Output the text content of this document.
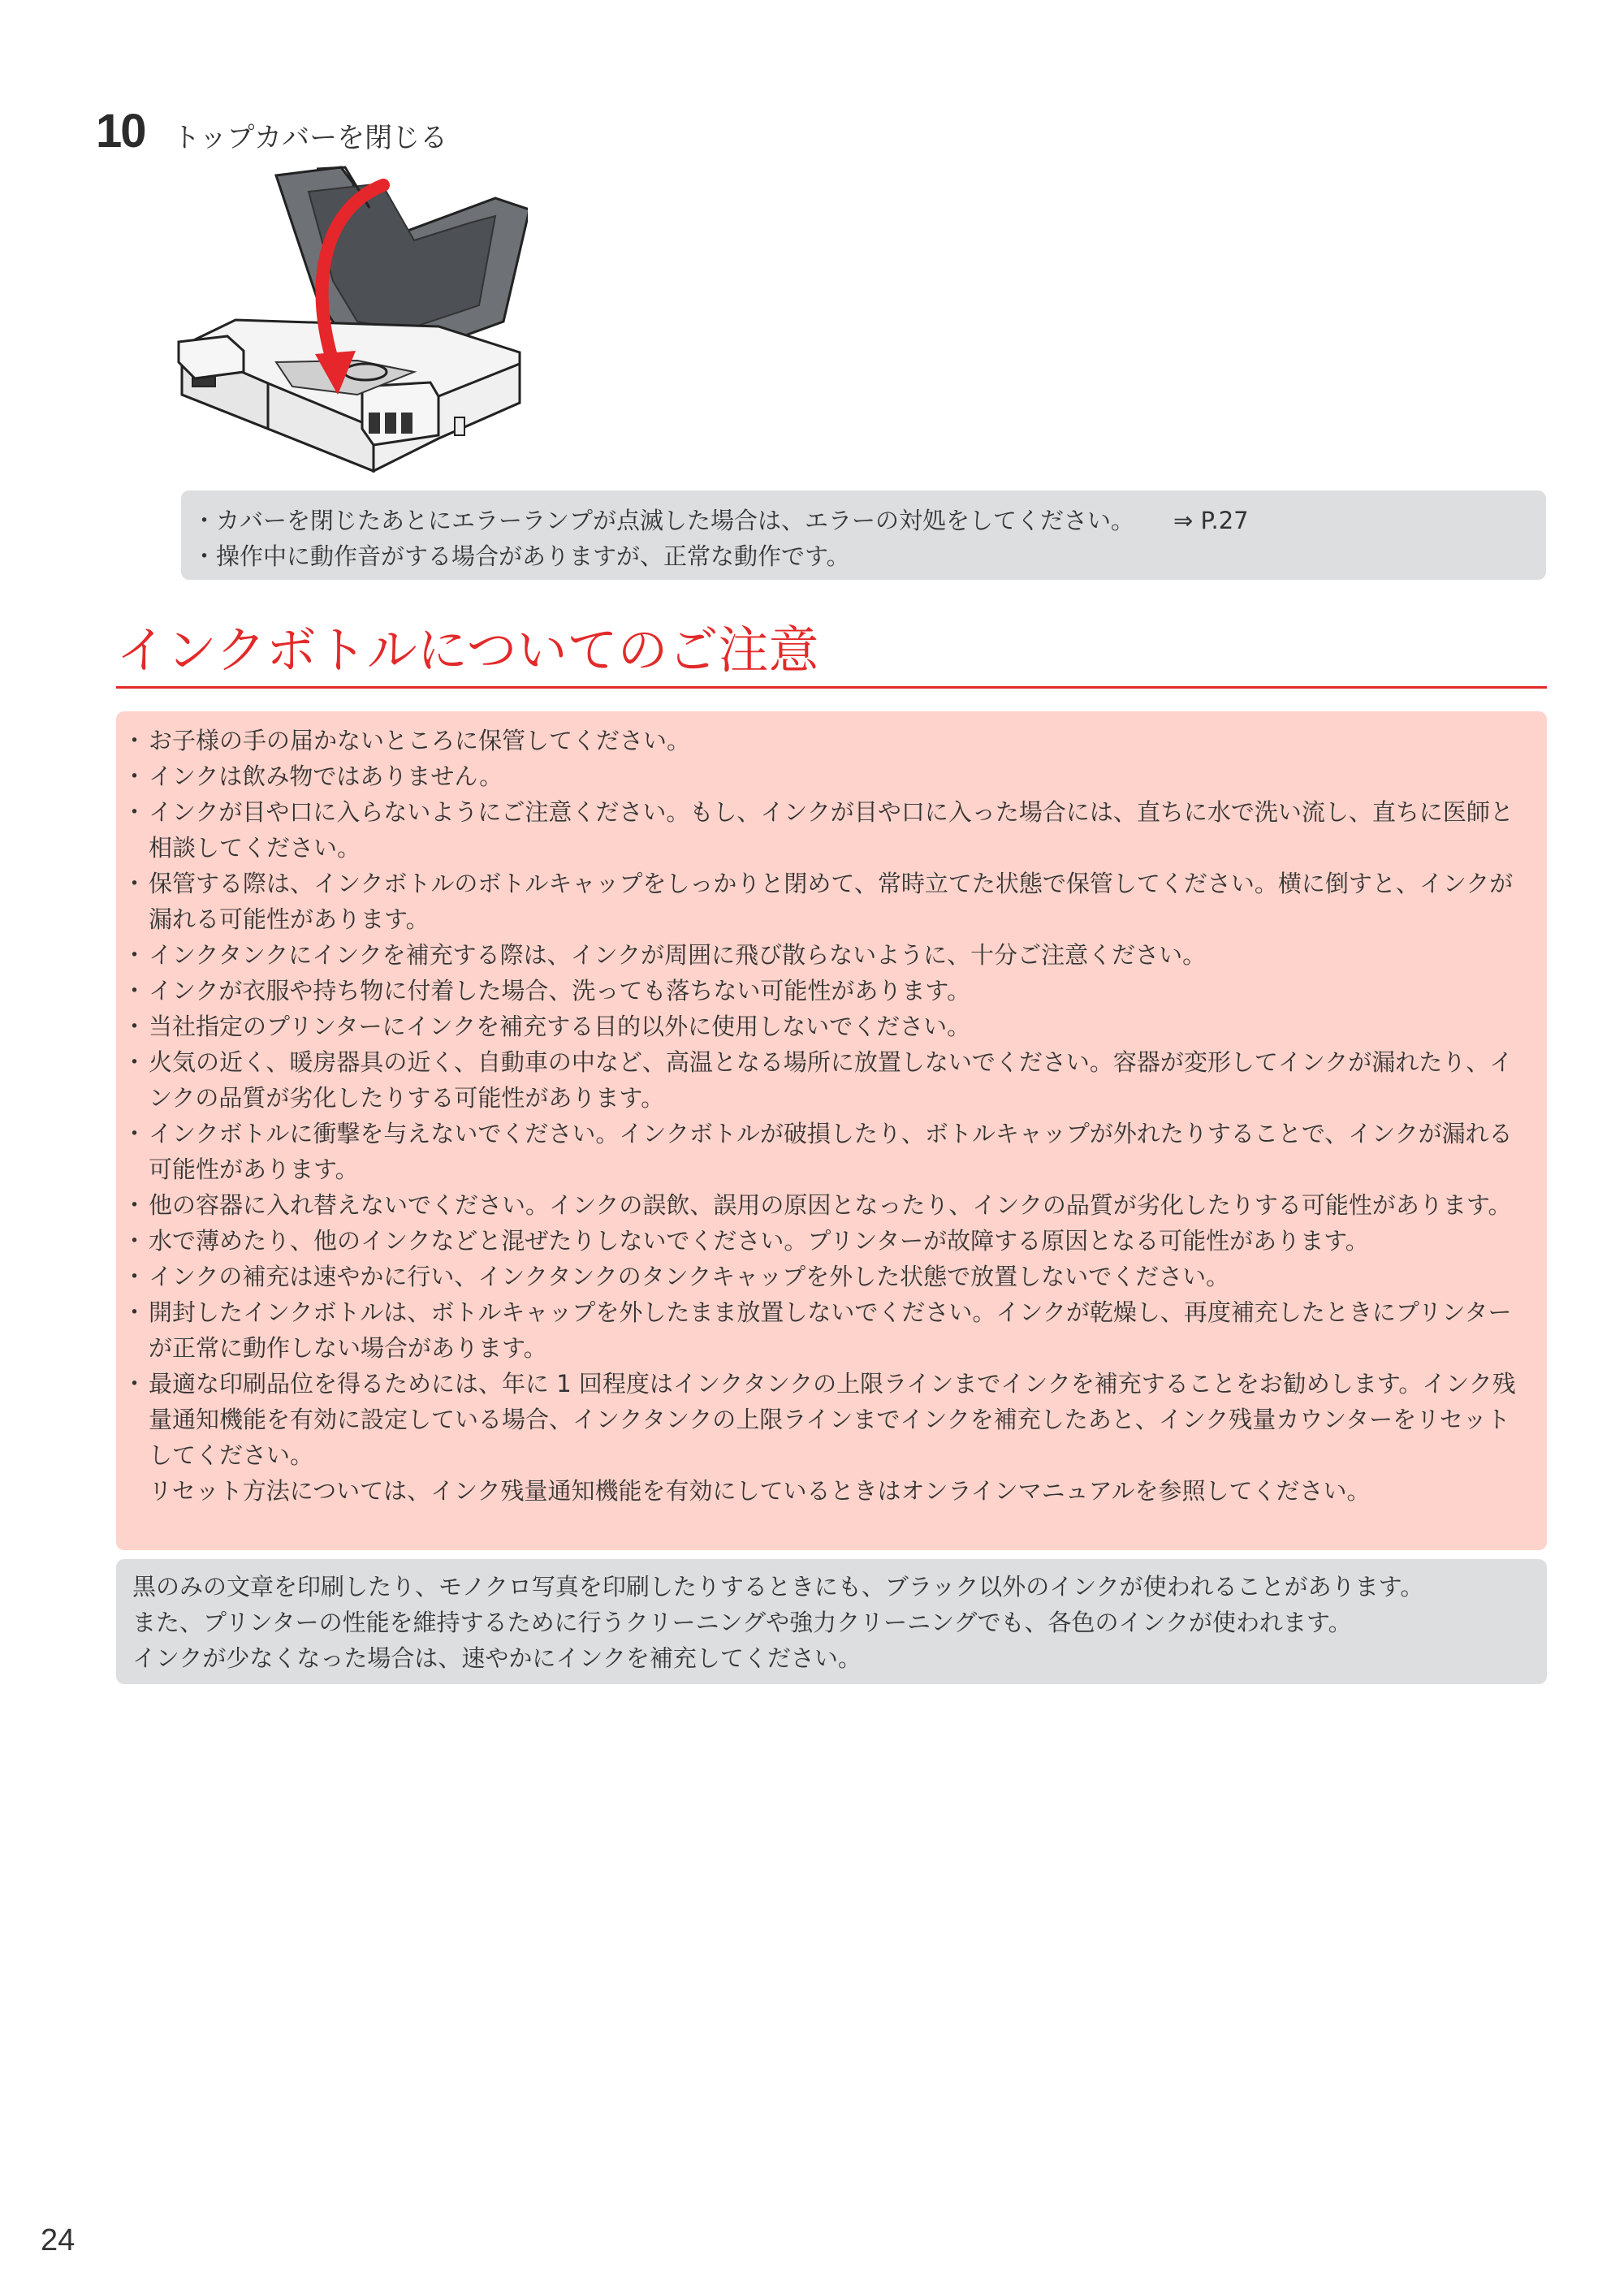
10 トップカバーを閉じる
・カバーを閉じたあとにエラーランプが点滅した場合は、エラーの対処をしてください。 ⇒ P.27
・操作中に動作音がする場合がありますが、正常な動作です。
インクボトルについてのご注意
・ お子様の手の届かないところに保管してください。
・ インクは飲み物ではありません。
・ インクが目や口に入らないようにご注意ください。もし、インクが目や口に入った場合には、直ちに水で洗い流し、直ちに医師と相談してください。
・ 保管する際は、インクボトルのボトルキャップをしっかりと閉めて、常時立てた状態で保管してください。横に倒すと、インクが漏れる可能性があります。
・ インクタンクにインクを補充する際は、インクが周囲に飛び散らないように、十分ご注意ください。
・ インクが衣服や持ち物に付着した場合、洗っても落ちない可能性があります。
・ 当社指定のプリンターにインクを補充する目的以外に使用しないでください。
・ 火気の近く、暖房器具の近く、自動車の中など、高温となる場所に放置しないでください。容器が変形してインクが漏れたり、インクの品質が劣化したりする可能性があります。
・ インクボトルに衝撃を与えないでください。インクボトルが破損したり、ボトルキャップが外れたりすることで、インクが漏れる可能性があります。
・ 他の容器に入れ替えないでください。インクの誤飲、誤用の原因となったり、インクの品質が劣化したりする可能性があります。
・ 水で薄めたり、他のインクなどと混ぜたりしないでください。プリンターが故障する原因となる可能性があります。
・ インクの補充は速やかに行い、インクタンクのタンクキャップを外した状態で放置しないでください。
・ 開封したインクボトルは、ボトルキャップを外したまま放置しないでください。インクが乾燥し、再度補充したときにプリンターが正常に動作しない場合があります。
・ 最適な印刷品位を得るためには、年に 1 回程度はインクタンクの上限ラインまでインクを補充することをお勧めします。インク残量通知機能を有効に設定している場合、インクタンクの上限ラインまでインクを補充したあと、インク残量カウンターをリセットしてください。
リセット方法については、インク残量通知機能を有効にしているときはオンラインマニュアルを参照してください。

黒のみの文章を印刷したり、モノクロ写真を印刷したりするときにも、ブラック以外のインクが使われることがあります。

また、プリンターの性能を維持するために行うクリーニングや強力クリーニングでも、各色のインクが使われます。

インクが少なくなった場合は、速やかにインクを補充してください。

24
